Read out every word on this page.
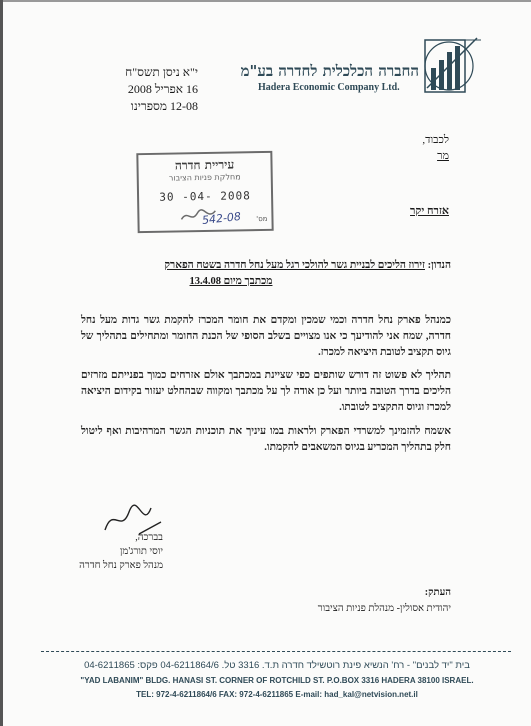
החברה הכלכלית לחדרה בע"מ
Hadera Economic Company Ltd.
י"א ניסן תשס"ח
16 אפריל 2008
12-08 מספרינו
לכבוד,
מר
עיריית חדרה
מחלקת פניות הציבור
30 -04- 2008
מס'
542-08	אזרח יקר
הנדון: זירוז הליכים לבניית גשר להולכי רגל מעל נחל חדרה בשטח הפארק
מכתבך מיום 13.4.08
כמנהל פארק נחל חדרה וכמי שמכין ומקדם את חומר המכרז להקמת גשר גדות מעל נחל חדרה, שמח אני להודיעך כי אנו מצויים בשלב הסופי של הכנת החומר ומתחילים בתהליך של גיוס תקציב לטובת היציאה למכרז.
תהליך לא פשוט זה דורש שותפים כפי שציינת במכתבך אולם אזרחים כמוך בפנייתם מזרזים הליכים בדרך הטובה ביותר ועל כן אודה לך על מכתבך ומקווה שבהחלט יעזור בקידום היציאה למכרז וגיוס התקציב לטובתו.
אשמח להזמינך למשרדי הפארק ולראות במו עיניך את תוכניות הגשר המרהיבות ואף ליטול חלק בתהליך המכריע בגיוס המשאבים להקמתו.
בברכה,
יוסי תורג'מן
מנהל פארק נחל חדרה
העתק:
יהודית אסולין- מנהלת פניות הציבור
בית "יד לבנים" - רח' הנשיא פינת רוטשילד חדרה ת.ד. 3316 טל. 04-6211864/6 פקס: 04-6211865
"YAD LABANIM" BLDG. HANASI ST. CORNER OF ROTCHILD ST. P.O.BOX 3316 HADERA 38100 ISRAEL.
TEL: 972-4-6211864/6 FAX: 972-4-6211865 E-mail: had_kal@netvision.net.il
